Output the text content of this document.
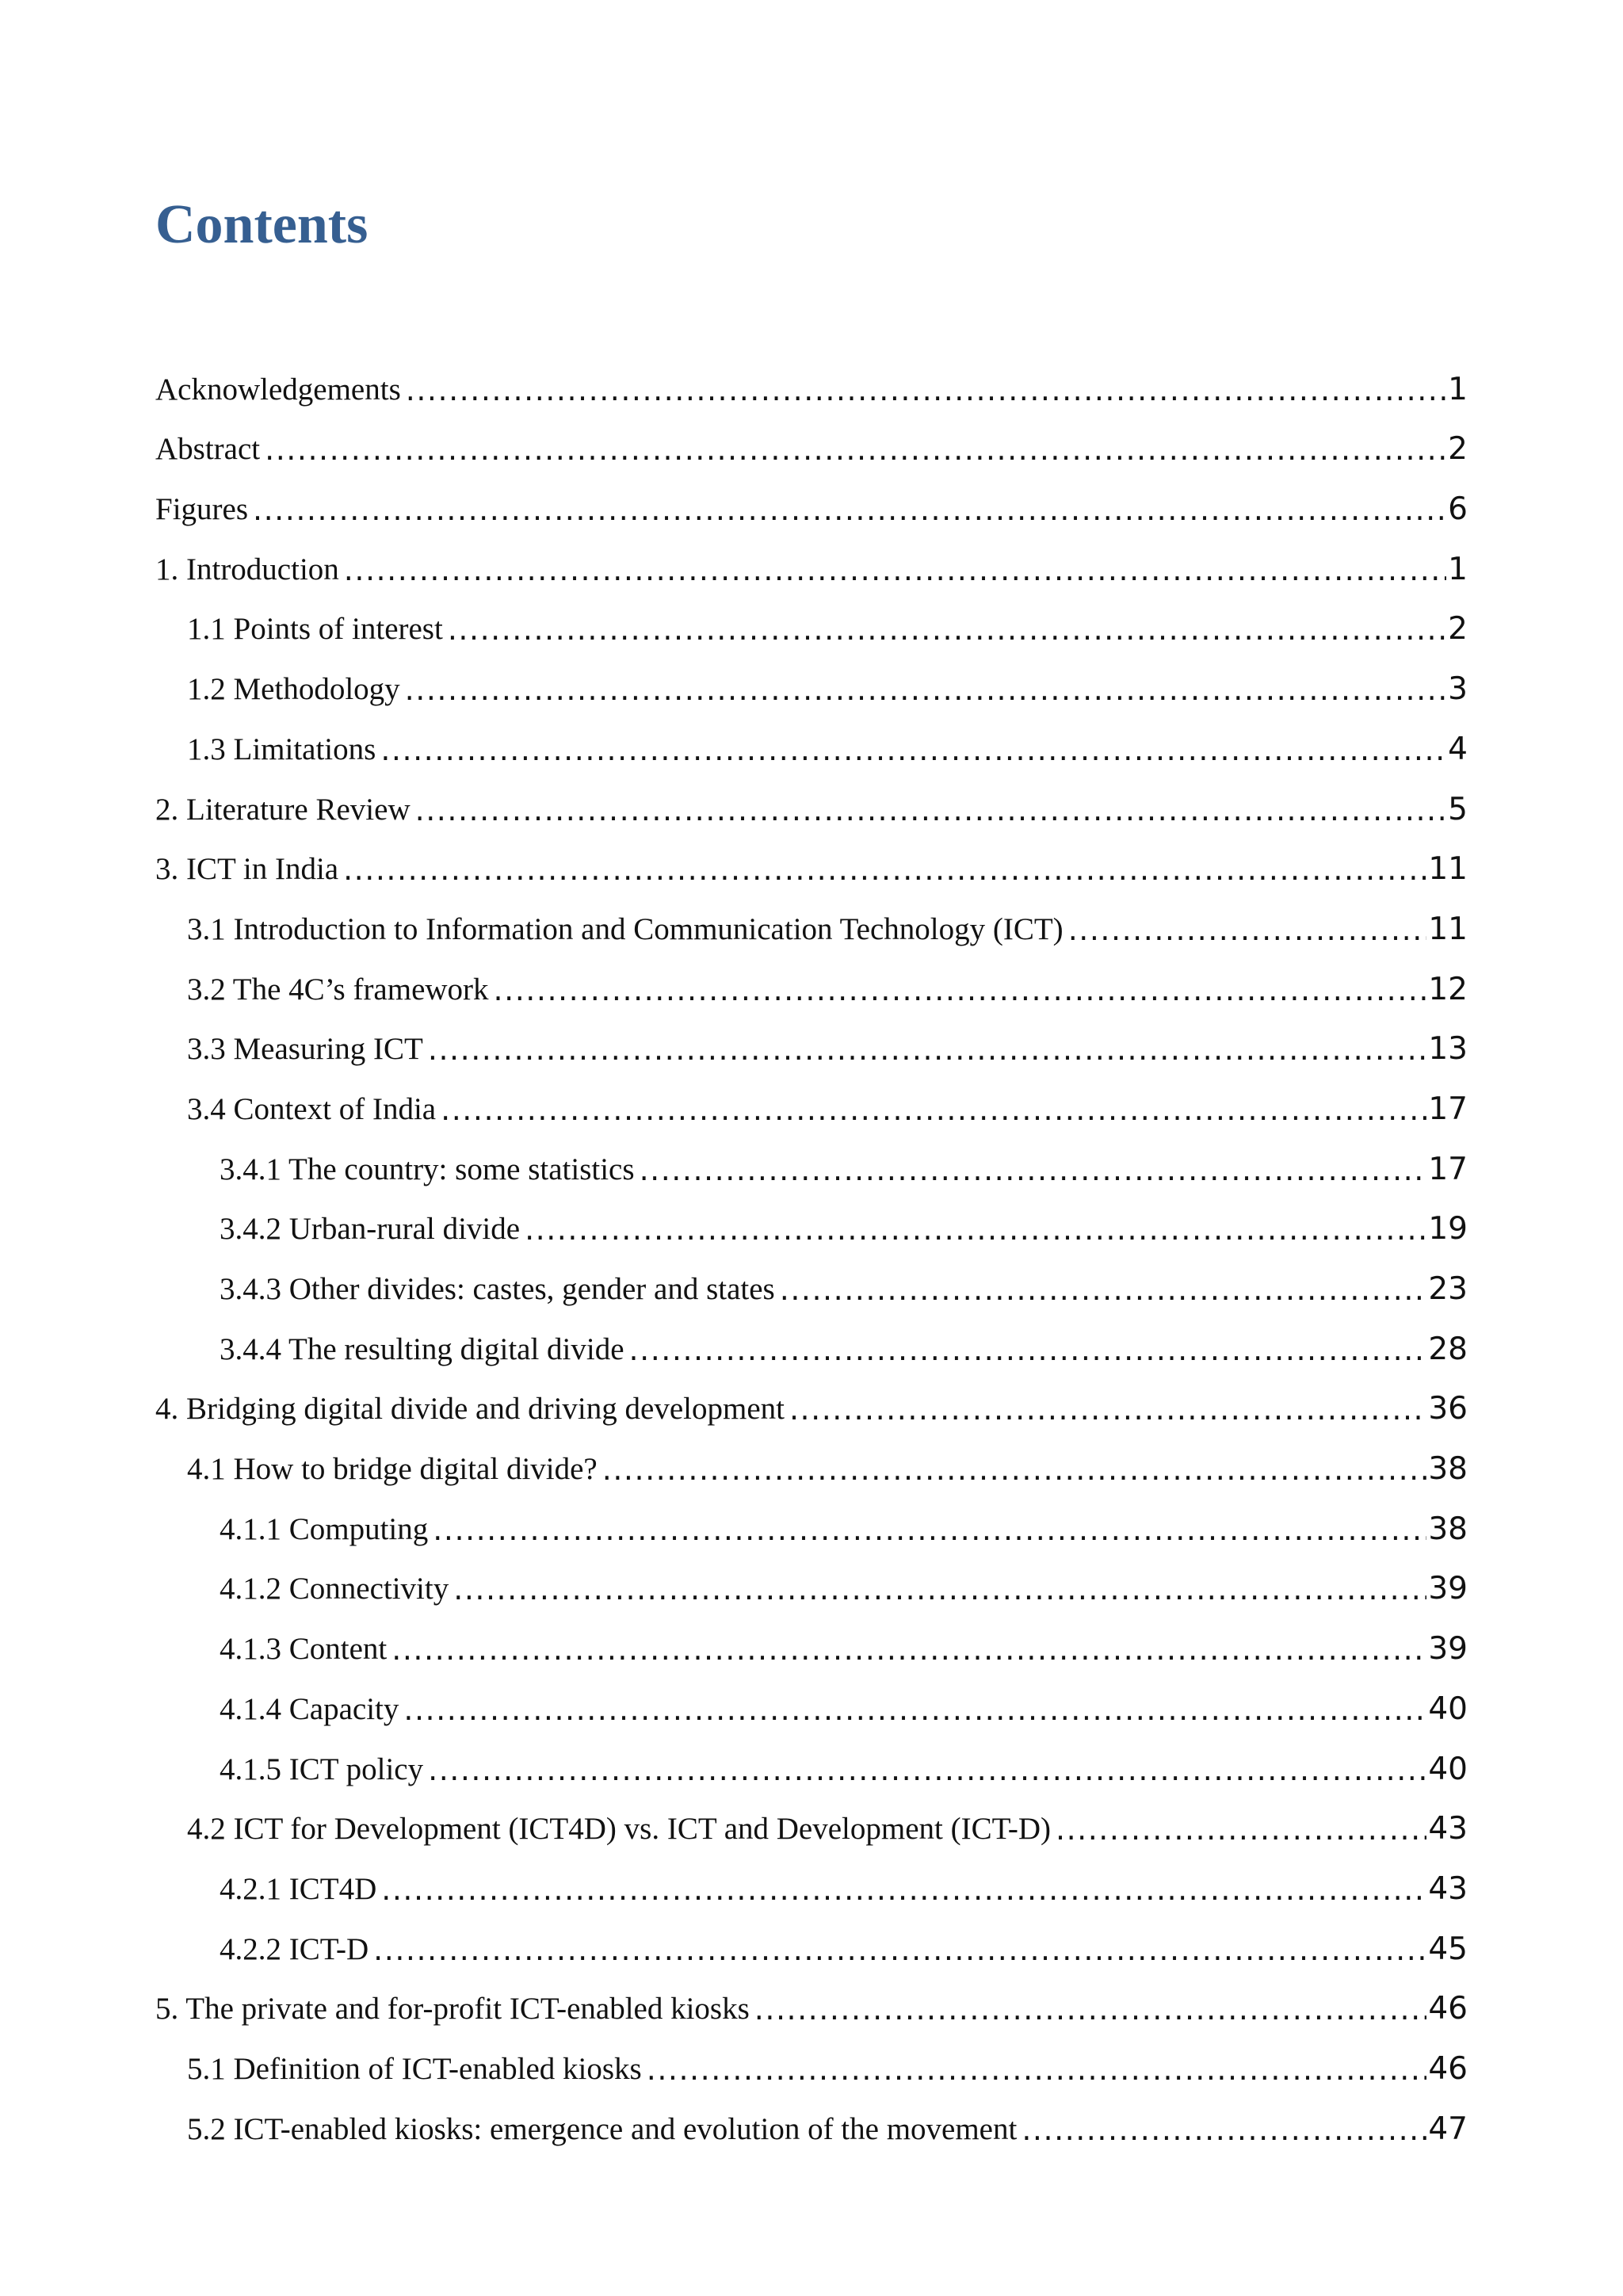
Contents
Acknowledgements .....	1
Abstract .....	2
Figures .....	6
1. Introduction .....	1
1.1 Points of interest .....	2
1.2 Methodology .....	3
1.3 Limitations .....	4
2. Literature Review .....	5
3. ICT in India .....	11
3.1 Introduction to Information and Communication Technology (ICT) .....	11
3.2 The 4C’s framework .....	12
3.3 Measuring ICT .....	13
3.4 Context of India .....	17
3.4.1 The country: some statistics .....	17
3.4.2 Urban-rural divide .....	19
3.4.3 Other divides: castes, gender and states .....	23
3.4.4 The resulting digital divide .....	28
4. Bridging digital divide and driving development .....	36
4.1 How to bridge digital divide? .....	38
4.1.1 Computing .....	38
4.1.2 Connectivity .....	39
4.1.3 Content .....	39
4.1.4 Capacity .....	40
4.1.5 ICT policy .....	40
4.2 ICT for Development (ICT4D) vs. ICT and Development (ICT-D) .....	43
4.2.1 ICT4D .....	43
4.2.2 ICT-D .....	45
5. The private and for-profit ICT-enabled kiosks .....	46
5.1 Definition of ICT-enabled kiosks .....	46
5.2 ICT-enabled kiosks: emergence and evolution of the movement .....	47
